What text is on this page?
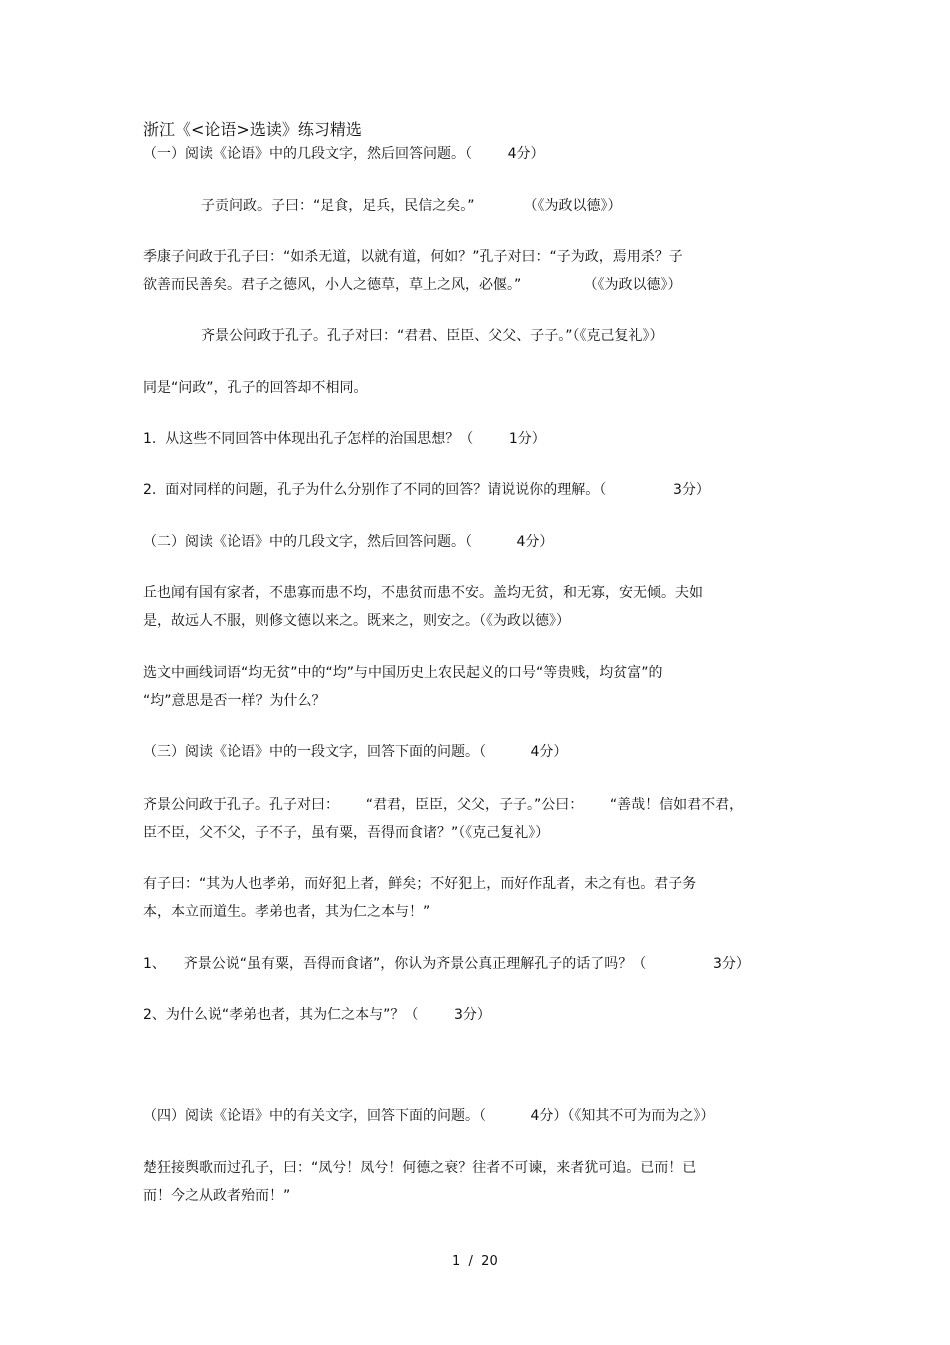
浙江《<论语>选读》练习精选
（一）阅读《论语》中的几段文字，然后回答问题。（        4分）
子贡问政。子曰：“足食，足兵，民信之矣。”           （《为政以德》）
季康子问政于孔子曰：“如杀无道，以就有道，何如？”孔子对曰：“子为政，焉用杀？子
欲善而民善矣。君子之德风，小人之德草，草上之风，必偃。”              （《为政以德》）
齐景公问政于孔子。孔子对曰：“君君、臣臣、父父、子子。”（《克己复礼》）
同是“问政”，孔子的回答却不相同。
1.  从这些不同回答中体现出孔子怎样的治国思想？（        1分）
2.  面对同样的问题，孔子为什么分别作了不同的回答？请说说你的理解。（               3分）
（二）阅读《论语》中的几段文字，然后回答问题。（          4分）
丘也闻有国有家者，不患寡而患不均，不患贫而患不安。盖均无贫，和无寡，安无倾。夫如
是，故远人不服，则修文德以来之。既来之，则安之。（《为政以德》）
选文中画线词语“均无贫”中的“均”与中国历史上农民起义的口号“等贵贱，均贫富”的
“均”意思是否一样？为什么？
（三）阅读《论语》中的一段文字，回答下面的问题。（          4分）
齐景公问政于孔子。孔子对曰：      “君君，臣臣，父父，子子。”公曰：      “善哉！信如君不君，
臣不臣，父不父，子不子，虽有粟，吾得而食诸？”（《克己复礼》）
有子曰：“其为人也孝弟，而好犯上者，鲜矣；不好犯上，而好作乱者，未之有也。君子务
本，本立而道生。孝弟也者，其为仁之本与！”
1、    齐景公说“虽有粟，吾得而食诸”，你认为齐景公真正理解孔子的话了吗？（               3分）
2、为什么说“孝弟也者，其为仁之本与”？（        3分）
（四）阅读《论语》中的有关文字，回答下面的问题。（          4分）（《知其不可为而为之》）
楚狂接舆歌而过孔子，曰：“凤兮！凤兮！何德之衰？往者不可谏，来者犹可追。已而！已
而！今之从政者殆而！”
1  /  20
